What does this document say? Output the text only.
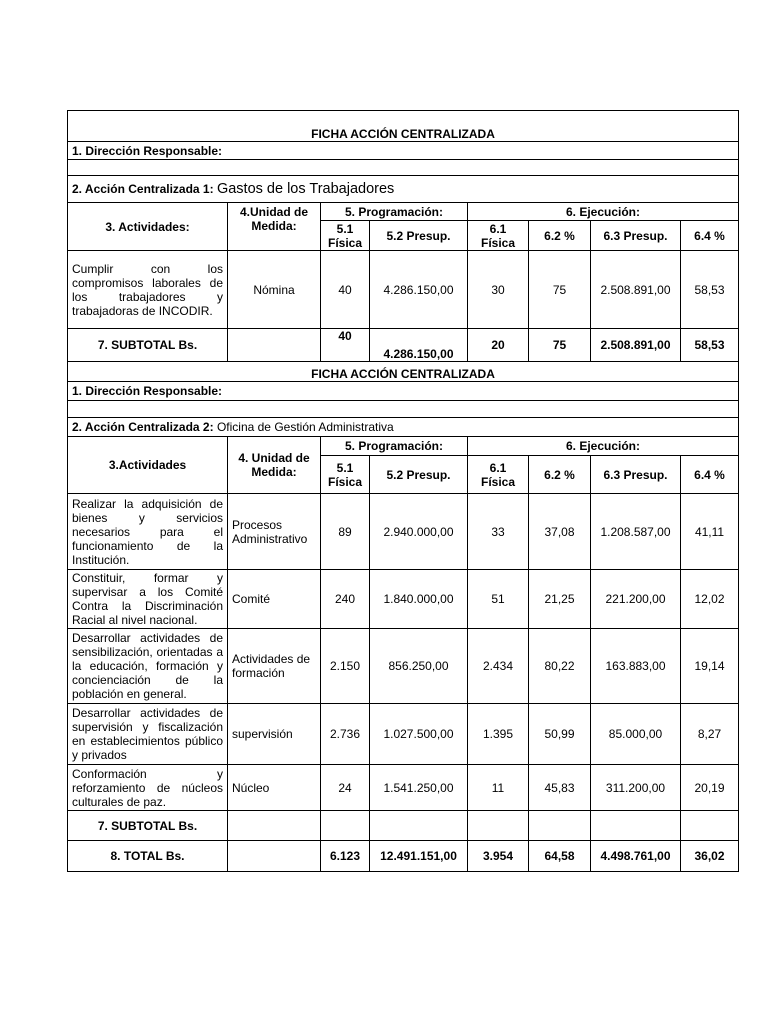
FICHA ACCIÓN CENTRALIZADA							
1. Dirección Responsable:							

2. Acción Centralizada 1: Gastos de los Trabajadores							
3. Actividades:	4.Unidad de Medida:	5. Programación:		6. Ejecución:			
		5.1 Física	5.2 Presup.	6.1 Física	6.2 %	6.3 Presup.	6.4 %
Cumplir con los compromisos laborales de los trabajadores y trabajadoras de INCODIR.	Nómina	40	4.286.150,00	30	75	2.508.891,00	58,53
7. SUBTOTAL Bs.		40	4.286.150,00	20	75	2.508.891,00	58,53
FICHA ACCIÓN CENTRALIZADA							
1. Dirección Responsable:							

2. Acción Centralizada 2: Oficina de Gestión Administrativa							
3.Actividades	4. Unidad de Medida:	5. Programación:		6. Ejecución:			
		5.1 Física	5.2 Presup.	6.1 Física	6.2 %	6.3 Presup.	6.4 %
Realizar la adquisición de bienes y servicios necesarios para el funcionamiento de la Institución.	Procesos Administrativo	89	2.940.000,00	33	37,08	1.208.587,00	41,11
Constituir, formar y supervisar a los Comité Contra la Discriminación Racial al nivel nacional.	Comité	240	1.840.000,00	51	21,25	221.200,00	12,02
Desarrollar actividades de sensibilización, orientadas a la educación, formación y concienciación de la población en general.	Actividades de formación	2.150	856.250,00	2.434	80,22	163.883,00	19,14
Desarrollar actividades de supervisión y fiscalización en establecimientos público y privados	supervisión	2.736	1.027.500,00	1.395	50,99	85.000,00	8,27
Conformación y reforzamiento de núcleos culturales de paz.	Núcleo	24	1.541.250,00	11	45,83	311.200,00	20,19
7. SUBTOTAL Bs.							
8. TOTAL Bs.		6.123	12.491.151,00	3.954	64,58	4.498.761,00	36,02
